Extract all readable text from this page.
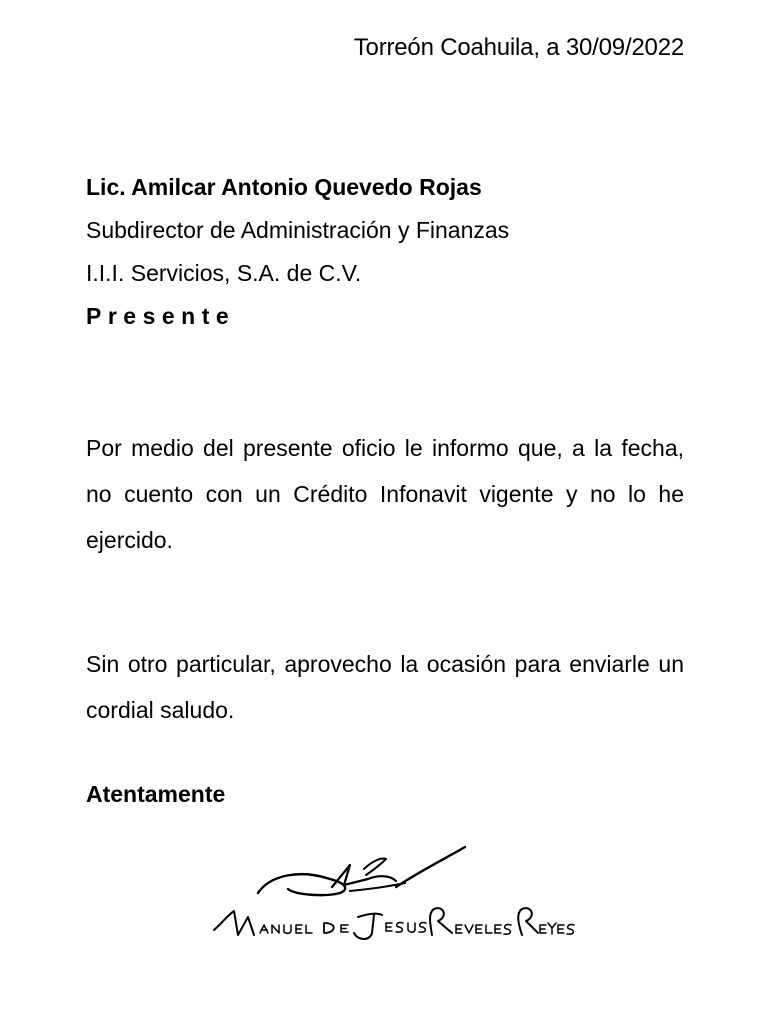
Torreón Coahuila, a 30/09/2022
Lic. Amilcar Antonio Quevedo Rojas
Subdirector de Administración y Finanzas
I.I.I. Servicios, S.A. de C.V.
Presente
Por medio del presente oficio le informo que, a la fecha, no cuento con un Crédito Infonavit vigente y no lo he ejercido.
Sin otro particular, aprovecho la ocasión para enviarle un cordial saludo.
Atentamente
